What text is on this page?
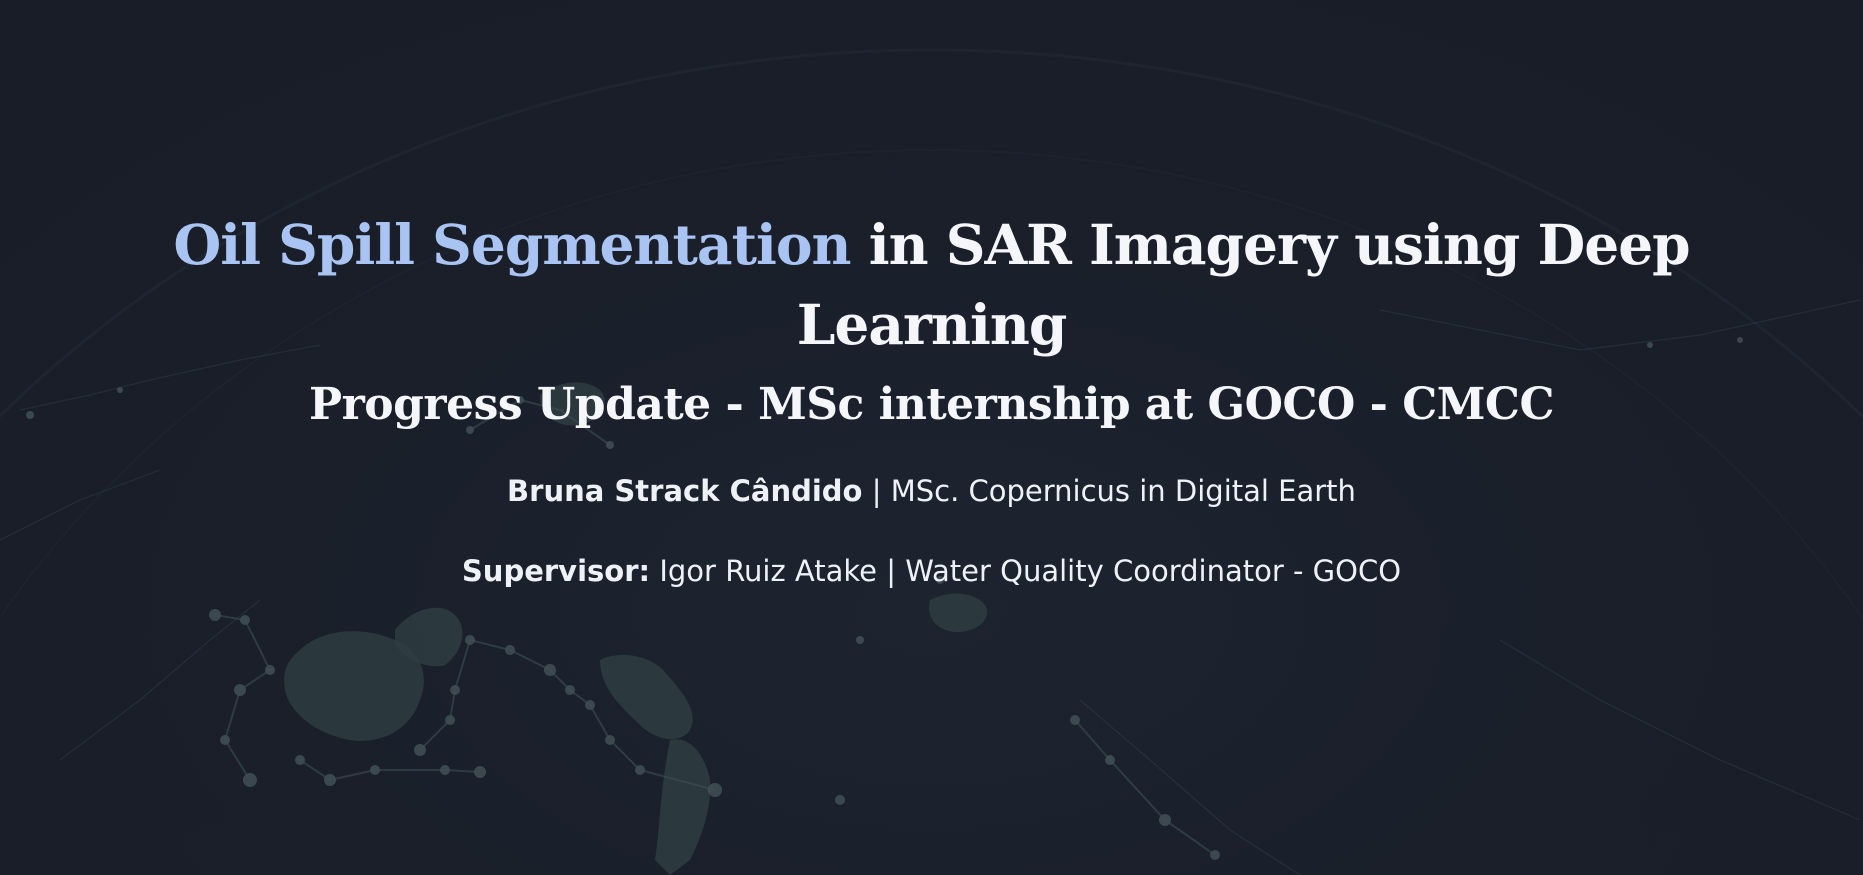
Oil Spill Segmentation in SAR Imagery using Deep Learning
Progress Update - MSc internship at GOCO - CMCC
Bruna Strack Cândido | MSc. Copernicus in Digital Earth
Supervisor: Igor Ruiz Atake | Water Quality Coordinator - GOCO
